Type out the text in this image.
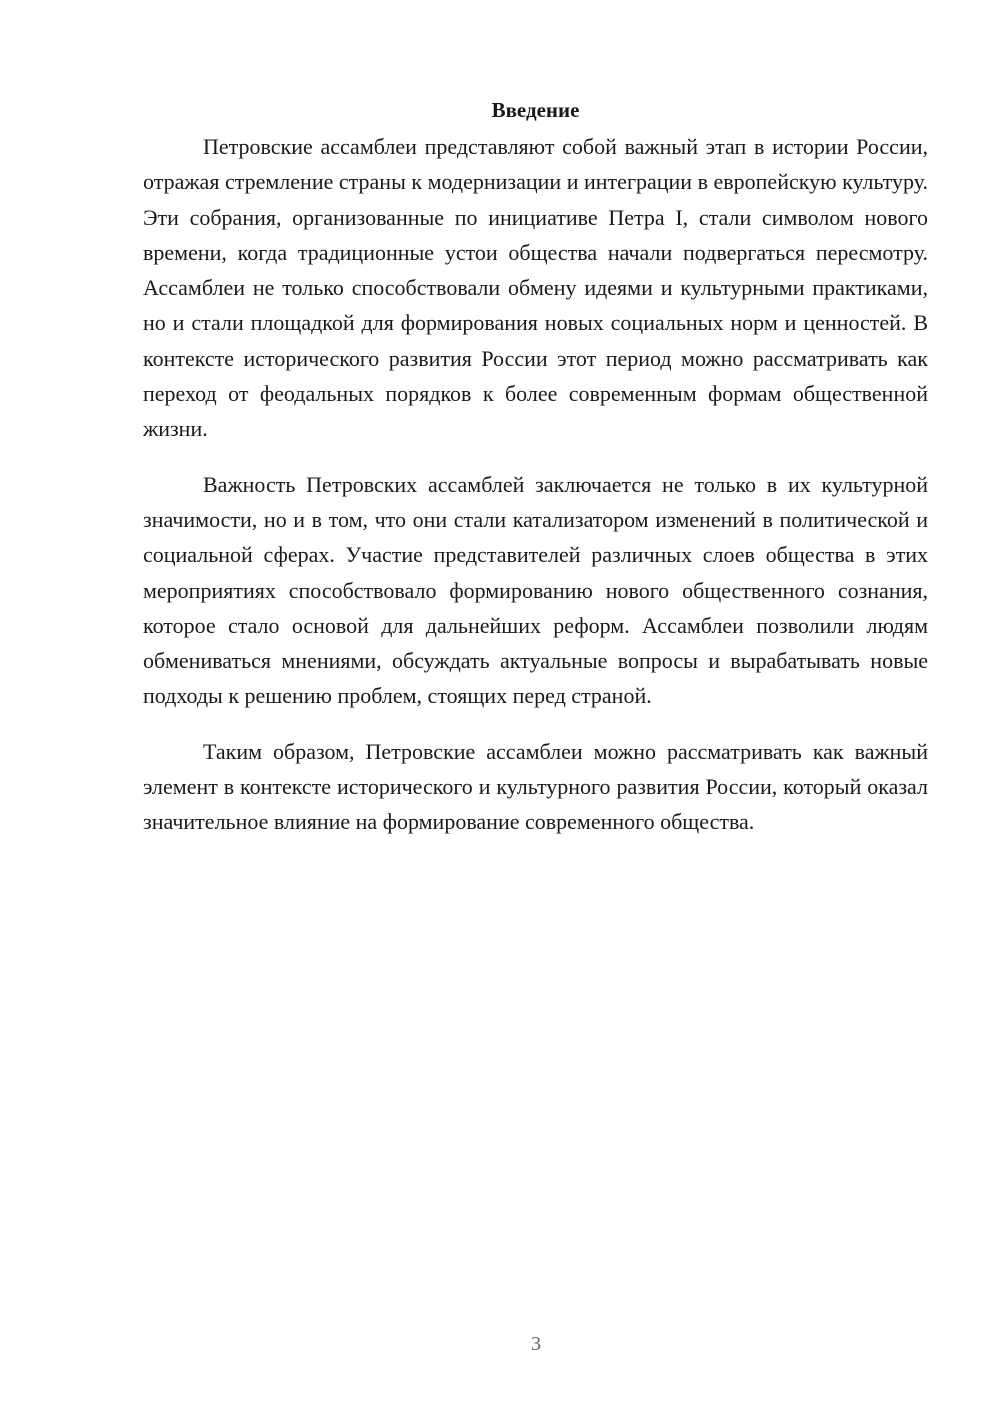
Введение

Петровские ассамблеи представляют собой важный этап в истории России, отражая стремление страны к модернизации и интеграции в европейскую культуру. Эти собрания, организованные по инициативе Петра I, стали символом нового времени, когда традиционные устои общества начали подвергаться пересмотру. Ассамблеи не только способствовали обмену идеями и культурными практиками, но и стали площадкой для формирования новых социальных норм и ценностей. В контексте исторического развития России этот период можно рассматривать как переход от феодальных порядков к более современным формам общественной жизни.

Важность Петровских ассамблей заключается не только в их культурной значимости, но и в том, что они стали катализатором изменений в политической и социальной сферах. Участие представителей различных слоев общества в этих мероприятиях способствовало формированию нового общественного сознания, которое стало основой для дальнейших реформ. Ассамблеи позволили людям обмениваться мнениями, обсуждать актуальные вопросы и вырабатывать новые подходы к решению проблем, стоящих перед страной.

Таким образом, Петровские ассамблеи можно рассматривать как важный элемент в контексте исторического и культурного развития России, который оказал значительное влияние на формирование современного общества.

3
